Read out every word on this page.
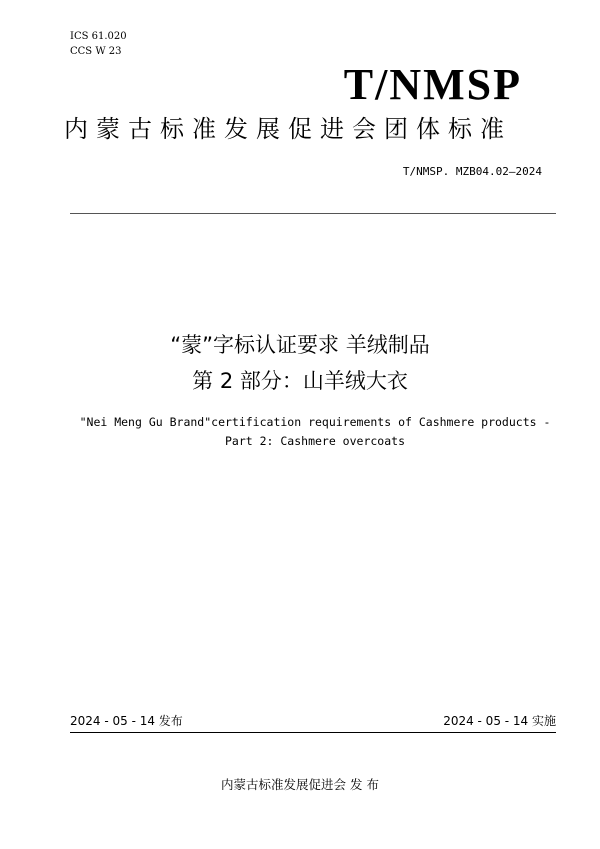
ICS 61.020
CCS W 23
T/NMSP
内蒙古标准发展促进会团体标准
T/NMSP. MZB04.02—2024
“蒙”字标认证要求 羊绒制品
第 2 部分：山羊绒大衣
"Nei Meng Gu Brand"certification requirements of Cashmere products -
Part 2: Cashmere overcoats
2024 - 05 - 14 发布	2024 - 05 - 14 实施
内蒙古标准发展促进会 发 布
